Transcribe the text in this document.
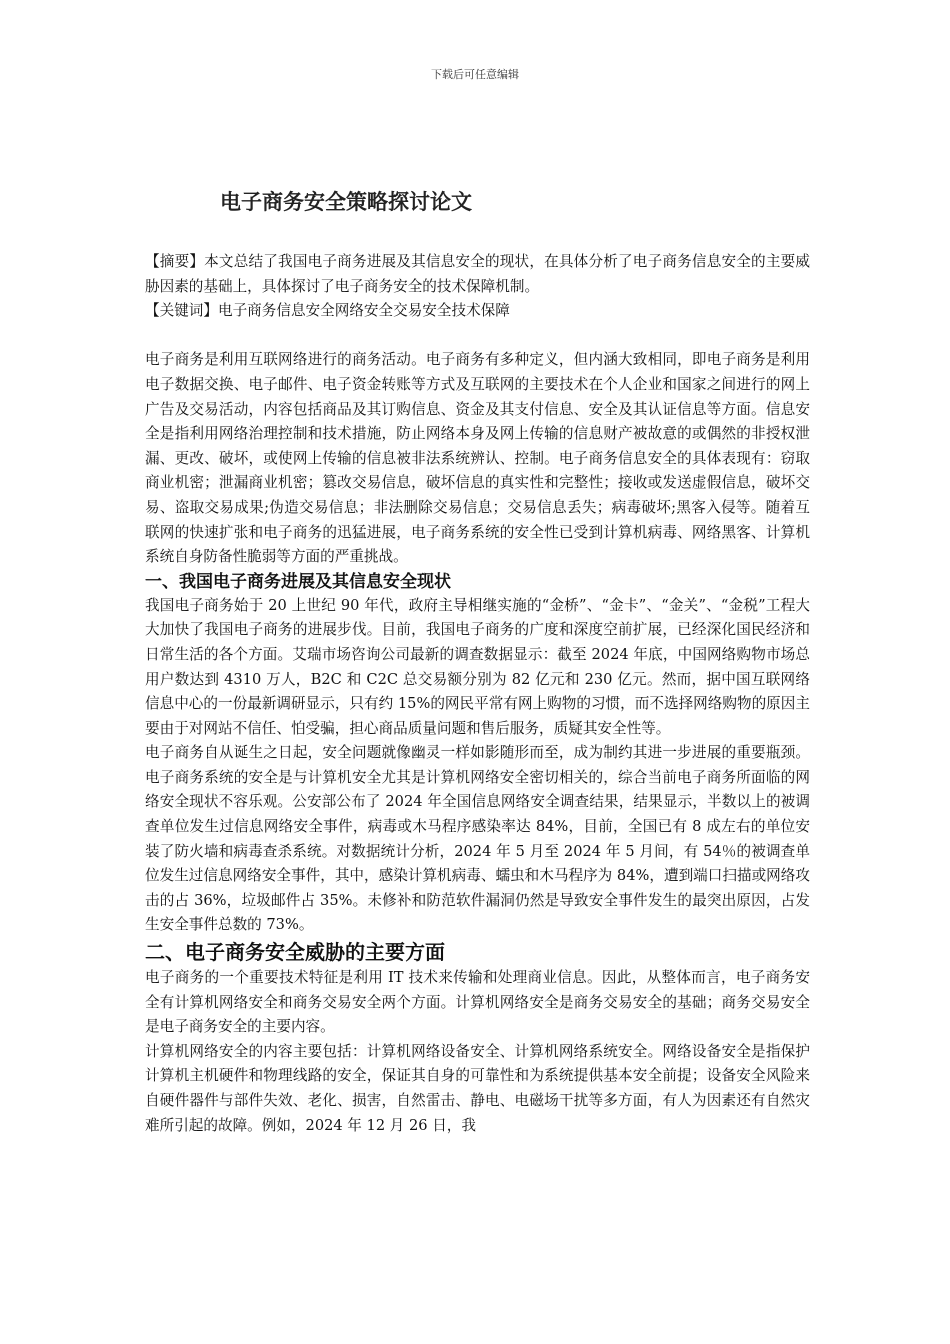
下载后可任意编辑
电子商务安全策略探讨论文

【摘要】本文总结了我国电子商务进展及其信息安全的现状，在具体分析了电子商务信息安全的主要威胁因素的基础上，具体探讨了电子商务安全的技术保障机制。

【关键词】电子商务信息安全网络安全交易安全技术保障

电子商务是利用互联网络进行的商务活动。电子商务有多种定义，但内涵大致相同，即电子商务是利用电子数据交换、电子邮件、电子资金转账等方式及互联网的主要技术在个人企业和国家之间进行的网上广告及交易活动，内容包括商品及其订购信息、资金及其支付信息、安全及其认证信息等方面。信息安全是指利用网络治理控制和技术措施，防止网络本身及网上传输的信息财产被故意的或偶然的非授权泄漏、更改、破坏，或使网上传输的信息被非法系统辨认、控制。电子商务信息安全的具体表现有：窃取商业机密；泄漏商业机密；篡改交易信息，破坏信息的真实性和完整性；接收或发送虚假信息，破坏交易、盗取交易成果;伪造交易信息；非法删除交易信息；交易信息丢失；病毒破坏;黑客入侵等。随着互联网的快速扩张和电子商务的迅猛进展，电子商务系统的安全性已受到计算机病毒、网络黑客、计算机系统自身防备性脆弱等方面的严重挑战。

一、我国电子商务进展及其信息安全现状

我国电子商务始于 20 上世纪 90 年代，政府主导相继实施的“金桥”、“金卡”、“金关”、“金税”工程大大加快了我国电子商务的进展步伐。目前，我国电子商务的广度和深度空前扩展，已经深化国民经济和日常生活的各个方面。艾瑞市场咨询公司最新的调查数据显示：截至 2024 年底，中国网络购物市场总用户数达到 4310 万人，B2C 和 C2C 总交易额分别为 82 亿元和 230 亿元。然而，据中国互联网络信息中心的一份最新调研显示，只有约 15%的网民平常有网上购物的习惯，而不选择网络购物的原因主要由于对网站不信任、怕受骗，担心商品质量问题和售后服务，质疑其安全性等。

电子商务自从诞生之日起，安全问题就像幽灵一样如影随形而至，成为制约其进一步进展的重要瓶颈。电子商务系统的安全是与计算机安全尤其是计算机网络安全密切相关的，综合当前电子商务所面临的网络安全现状不容乐观。公安部公布了 2024 年全国信息网络安全调查结果，结果显示，半数以上的被调查单位发生过信息网络安全事件，病毒或木马程序感染率达 84%，目前，全国已有 8 成左右的单位安装了防火墙和病毒查杀系统。对数据统计分析，2024 年 5 月至 2024 年 5 月间，有 54％的被调查单位发生过信息网络安全事件，其中，感染计算机病毒、蠕虫和木马程序为 84%，遭到端口扫描或网络攻击的占 36%，垃圾邮件占 35%。未修补和防范软件漏洞仍然是导致安全事件发生的最突出原因，占发生安全事件总数的 73%。

二、电子商务安全威胁的主要方面

电子商务的一个重要技术特征是利用 IT 技术来传输和处理商业信息。因此，从整体而言，电子商务安全有计算机网络安全和商务交易安全两个方面。计算机网络安全是商务交易安全的基础；商务交易安全是电子商务安全的主要内容。

计算机网络安全的内容主要包括：计算机网络设备安全、计算机网络系统安全。网络设备安全是指保护计算机主机硬件和物理线路的安全，保证其自身的可靠性和为系统提供基本安全前提；设备安全风险来自硬件器件与部件失效、老化、损害，自然雷击、静电、电磁场干扰等多方面，有人为因素还有自然灾难所引起的故障。例如，2024 年 12 月 26 日，我
